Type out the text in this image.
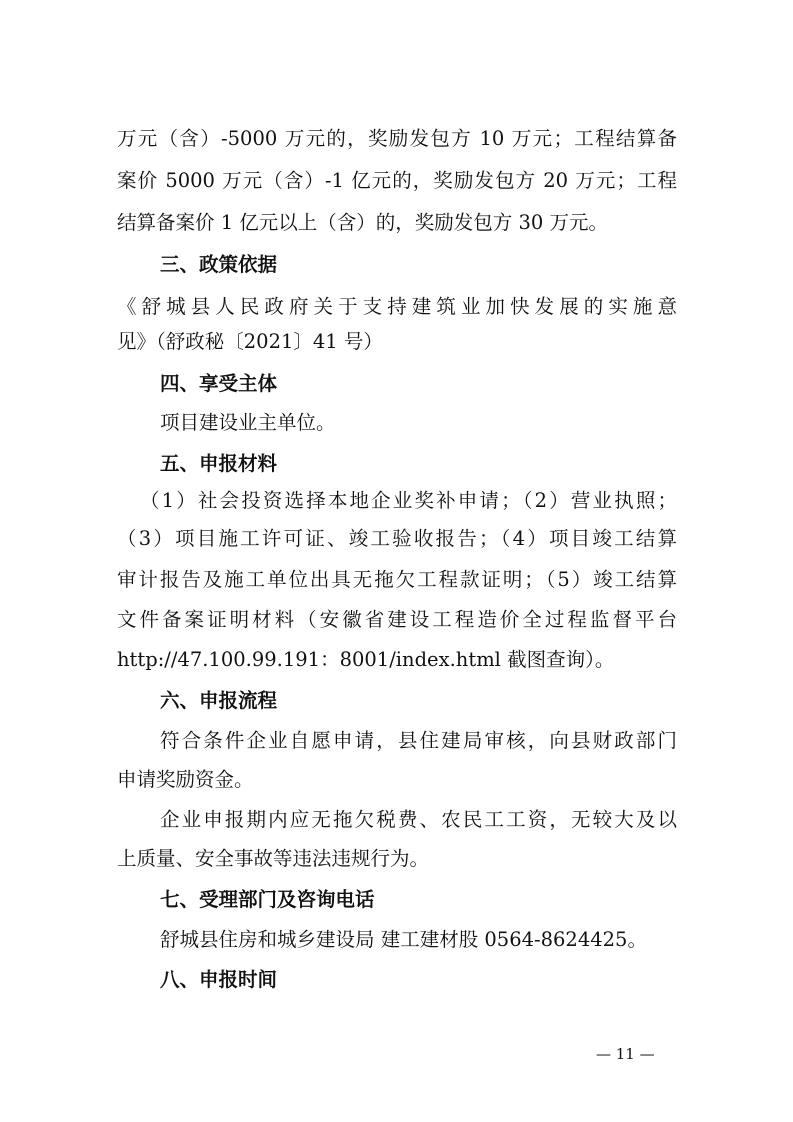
万元（含）-5000 万元的，奖励发包方 10 万元；工程结算备
案价 5000 万元（含）-1 亿元的，奖励发包方 20 万元；工程
结算备案价 1 亿元以上（含）的，奖励发包方 30 万元。
三、政策依据
《舒城县人民政府关于支持建筑业加快发展的实施意
见》（舒政秘〔2021〕41 号）
四、享受主体
项目建设业主单位。
五、申报材料
（1）社会投资选择本地企业奖补申请；（2）营业执照；
（3）项目施工许可证、竣工验收报告；（4）项目竣工结算
审计报告及施工单位出具无拖欠工程款证明；（5）竣工结算
文件备案证明材料（安徽省建设工程造价全过程监督平台
http://47.100.99.191：8001/index.html 截图查询）。
六、申报流程
符合条件企业自愿申请，县住建局审核，向县财政部门
申请奖励资金。
企业申报期内应无拖欠税费、农民工工资，无较大及以
上质量、安全事故等违法违规行为。
七、受理部门及咨询电话
舒城县住房和城乡建设局 建工建材股 0564-8624425。
八、申报时间
— 11 —
